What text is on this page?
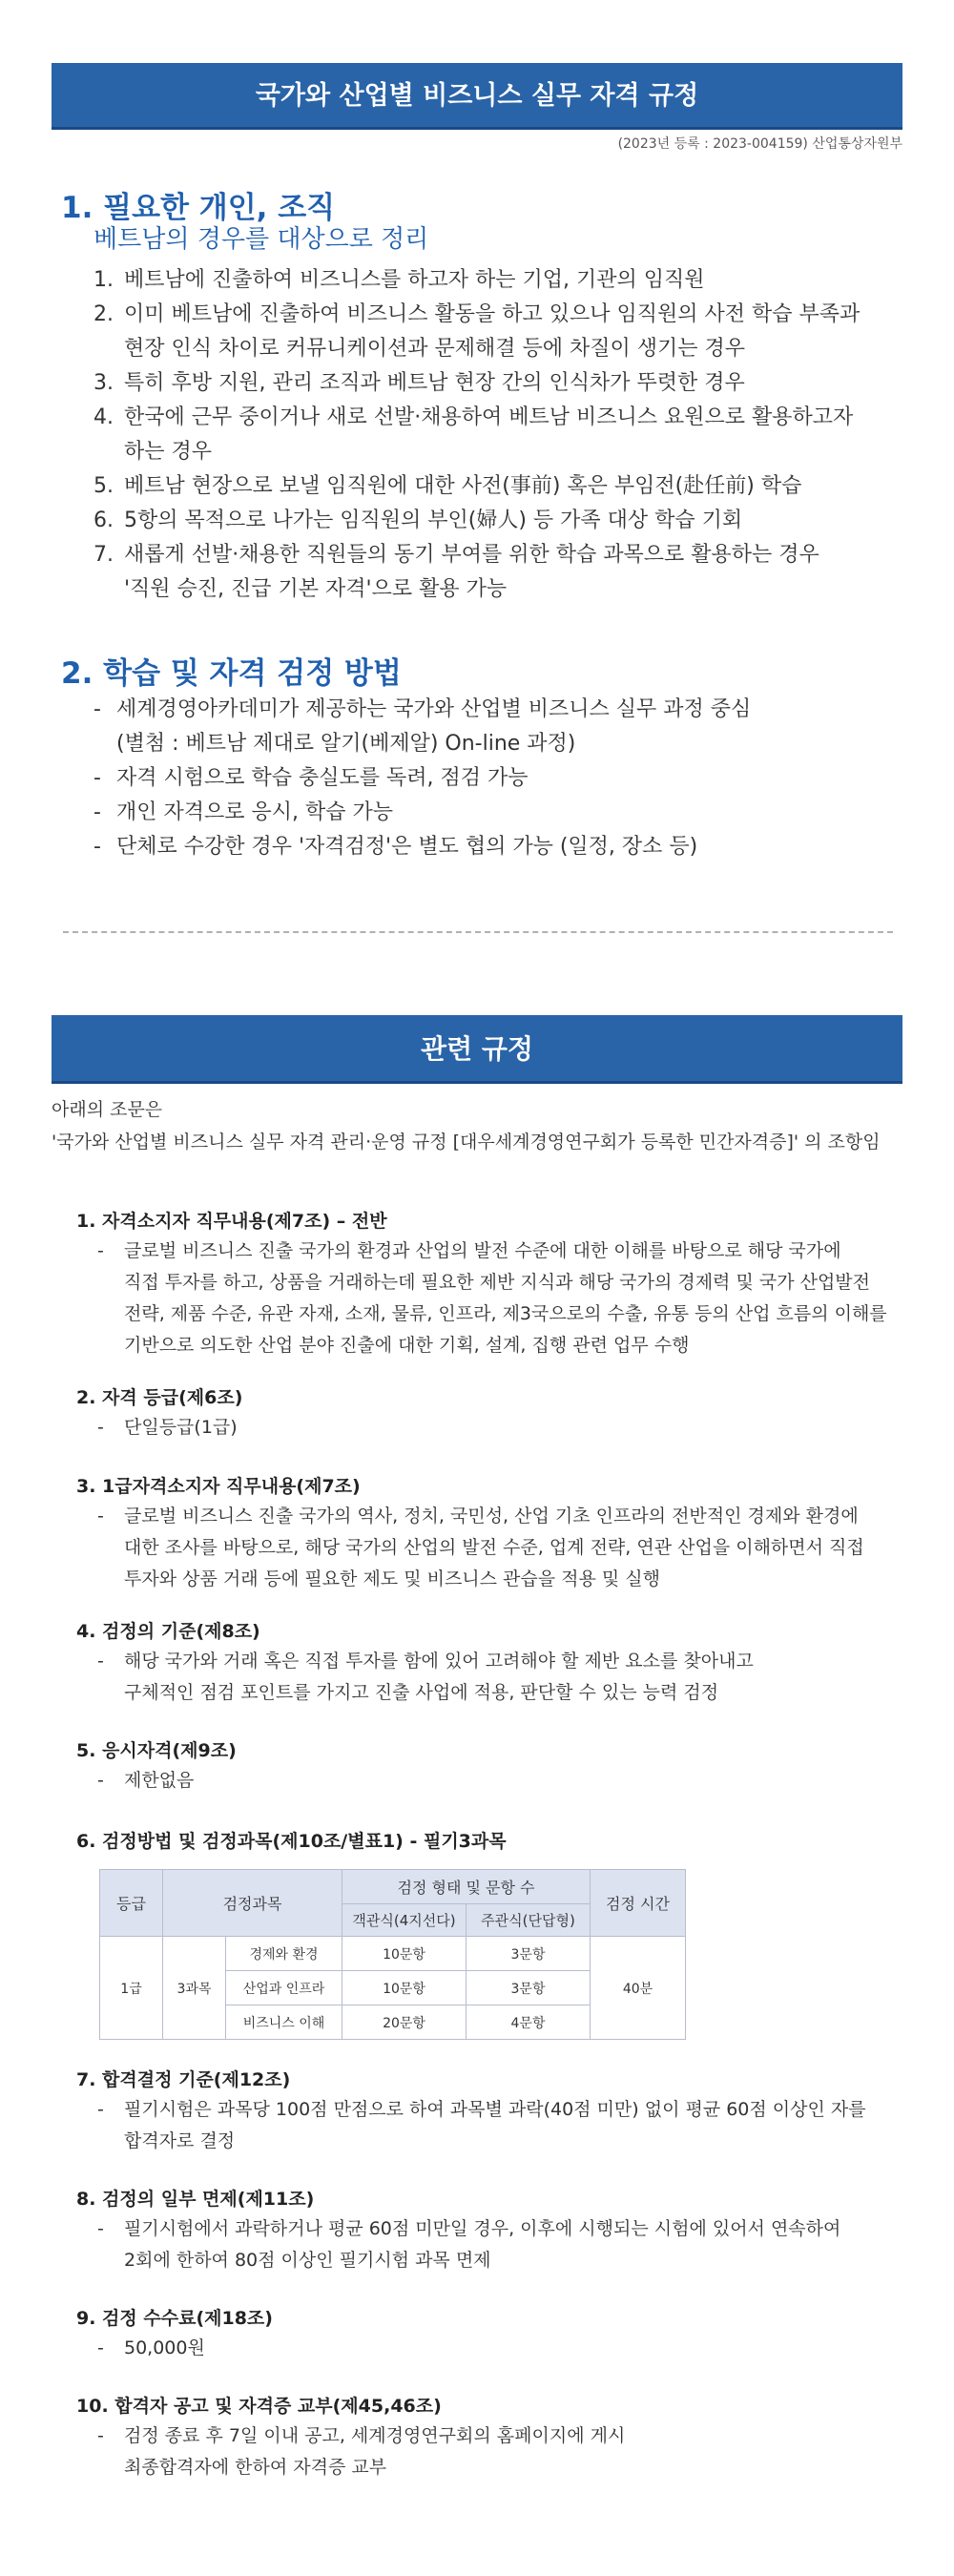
국가와 산업별 비즈니스 실무 자격 규정
(2023년 등록 : 2023-004159) 산업통상자원부
1. 필요한 개인, 조직
베트남의 경우를 대상으로 정리
1. 베트남에 진출하여 비즈니스를 하고자 하는 기업, 기관의 임직원
2. 이미 베트남에 진출하여 비즈니스 활동을 하고 있으나 임직원의 사전 학습 부족과
현장 인식 차이로 커뮤니케이션과 문제해결 등에 차질이 생기는 경우
3. 특히 후방 지원, 관리 조직과 베트남 현장 간의 인식차가 뚜렷한 경우
4. 한국에 근무 중이거나 새로 선발·채용하여 베트남 비즈니스 요원으로 활용하고자
하는 경우
5. 베트남 현장으로 보낼 임직원에 대한 사전(事前) 혹은 부임전(赴任前) 학습
6. 5항의 목적으로 나가는 임직원의 부인(婦人) 등 가족 대상 학습 기회
7. 새롭게 선발·채용한 직원들의 동기 부여를 위한 학습 과목으로 활용하는 경우
'직원 승진, 진급 기본 자격'으로 활용 가능
2. 학습 및 자격 검정 방법
- 세계경영아카데미가 제공하는 국가와 산업별 비즈니스 실무 과정 중심
(별첨 : 베트남 제대로 알기(베제알) On-line 과정)
- 자격 시험으로 학습 충실도를 독려, 점검 가능
- 개인 자격으로 응시, 학습 가능
- 단체로 수강한 경우 '자격검정'은 별도 협의 가능 (일정, 장소 등)
관련 규정
아래의 조문은
'국가와 산업별 비즈니스 실무 자격 관리·운영 규정 [대우세계경영연구회가 등록한 민간자격증]' 의 조항임
1. 자격소지자 직무내용(제7조) – 전반
-	글로벌 비즈니스 진출 국가의 환경과 산업의 발전 수준에 대한 이해를 바탕으로 해당 국가에
직접 투자를 하고, 상품을 거래하는데 필요한 제반 지식과 해당 국가의 경제력 및 국가 산업발전
전략, 제품 수준, 유관 자재, 소재, 물류, 인프라, 제3국으로의 수출, 유통 등의 산업 흐름의 이해를
기반으로 의도한 산업 분야 진출에 대한 기획, 설계, 집행 관련 업무 수행
2. 자격 등급(제6조)
-	단일등급(1급)
3. 1급자격소지자 직무내용(제7조)
-	글로벌 비즈니스 진출 국가의 역사, 정치, 국민성, 산업 기초 인프라의 전반적인 경제와 환경에
대한 조사를 바탕으로, 해당 국가의 산업의 발전 수준, 업계 전략, 연관 산업을 이해하면서 직접
투자와 상품 거래 등에 필요한 제도 및 비즈니스 관습을 적용 및 실행
4. 검정의 기준(제8조)
-	해당 국가와 거래 혹은 직접 투자를 함에 있어 고려해야 할 제반 요소를 찾아내고
구체적인 점검 포인트를 가지고 진출 사업에 적용, 판단할 수 있는 능력 검정
5. 응시자격(제9조)
-	제한없음
6. 검정방법 및 검정과목(제10조/별표1) - 필기3과목
등급	검정과목		검정 형태 및 문항 수		검정 시간
			객관식(4지선다)	주관식(단답형)	
1급	3과목	경제와 환경	10문항	3문항	40분
		산업과 인프라	10문항	3문항	
		비즈니스 이해	20문항	4문항	
7. 합격결정 기준(제12조)
-	필기시험은 과목당 100점 만점으로 하여 과목별 과락(40점 미만) 없이 평균 60점 이상인 자를
합격자로 결정
8. 검정의 일부 면제(제11조)
-	필기시험에서 과락하거나 평균 60점 미만일 경우, 이후에 시행되는 시험에 있어서 연속하여
2회에 한하여 80점 이상인 필기시험 과목 면제
9. 검정 수수료(제18조)
-	50,000원
10. 합격자 공고 및 자격증 교부(제45,46조)
-	검정 종료 후 7일 이내 공고, 세계경영연구회의 홈페이지에 게시
최종합격자에 한하여 자격증 교부
